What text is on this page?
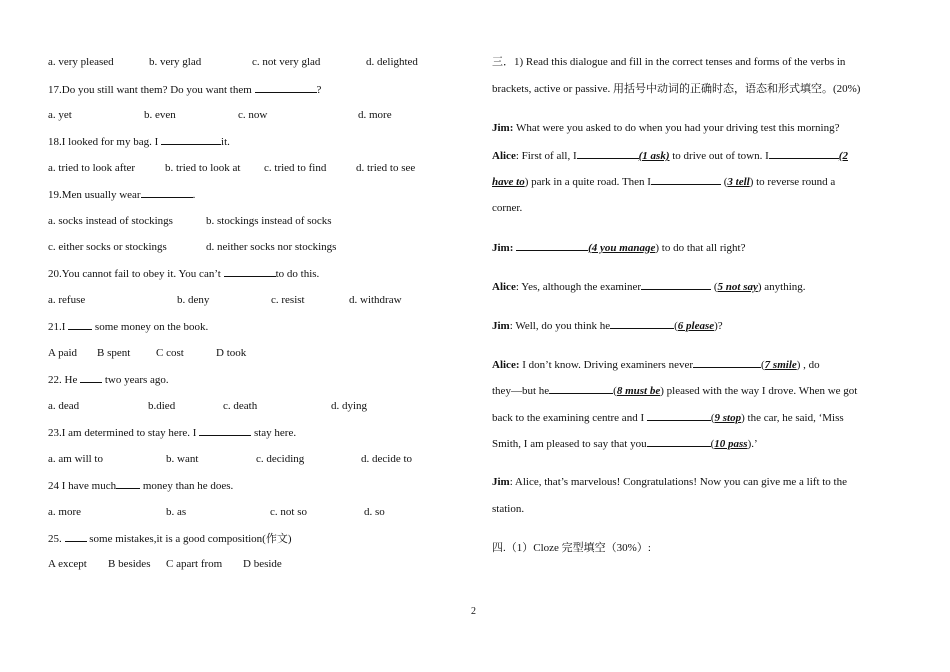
a. very pleased	b. very glad	c. not very glad	d. delighted
17.Do you still want them? Do you want them	?
a. yet	b. even	c. now	d. more
18.I looked for my bag. I	it.
a. tried to look after	b. tried to look at c. tried to find	d. tried to see
19.Men usually wear	.
a. socks instead of stockings	b. stockings instead of socks
c. either socks or stockings	d. neither socks nor stockings
20.You cannot fail to obey it. You can’t	to do this.
a. refuse	b. deny	c. resist	d. withdraw
21.I  some money on the book.
A paid B spent C cost	D took
22. He  two years ago.
a. dead	b.died	c. death	d. dying
23.I am determined to stay here. I	stay here.
a. am will to	b. want	c. deciding	d. decide to
24 I have much money than he does.
a. more	b. as	c. not so	d. so
25.  some mistakes,it is a good composition(作文)
A except B besides C apart from D beside
三．1) Read this dialogue and fill in the correct tenses and forms of the verbs in
brackets, active or passive. 用括号中动词的正确时态，语态和形式填空。(20%)
Jim: What were you asked to do when you had your driving test this morning?
Alice: First of all, I	(1 ask) to drive out of town. I	(2
have to) park in a quite road. Then I	(3 tell) to reverse round a
corner.
Jim:	(4 you manage) to do that all right?
Alice: Yes, although the examiner	(5 not say) anything.
Jim: Well, do you think he	(6 please)?
Alice: I don’t know. Driving examiners never	(7 smile) , do
they—but he	(8 must be) pleased with the way I drove. When we got
back to the examining centre and I	(9 stop) the car, he said, ‘Miss
Smith, I am pleased to say that you	(10 pass).’
Jim: Alice, that’s marvelous! Congratulations! Now you can give me a lift to the
station.
四.（1）Cloze 完型填空（30%）:
2
